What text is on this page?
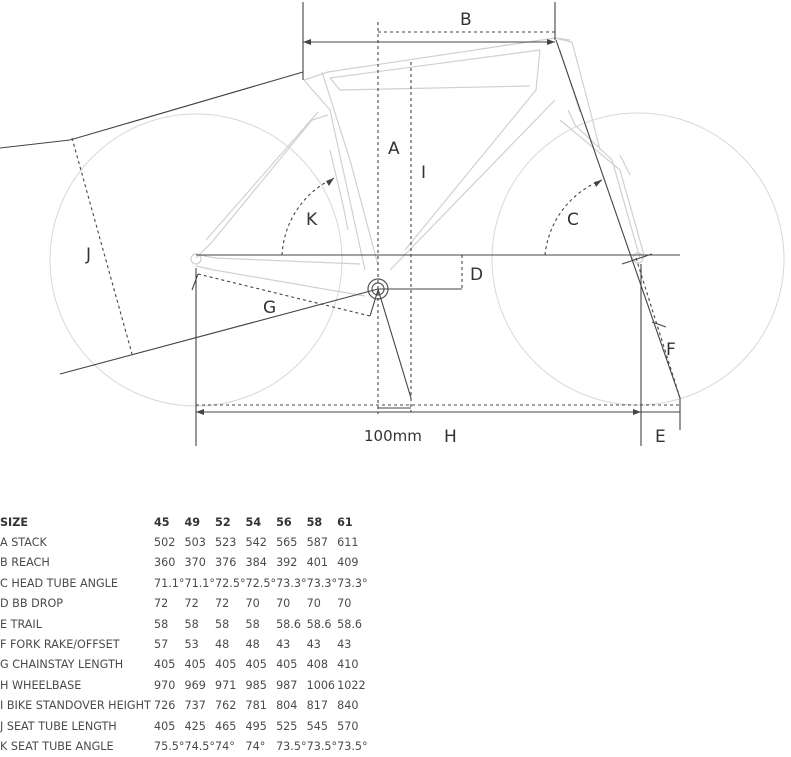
B
A
I
K	C
J
D
G
F
100mm H	E
SIZE	45	49	52	54	56	58	61
A STACK	502	503	523	542	565	587	611
B REACH	360	370	376	384	392	401	409
C HEAD TUBE ANGLE	71.1°	71.1°	72.5°	72.5°	73.3°	73.3°	73.3°
D BB DROP	72	72	72	70	70	70	70
E TRAIL	58	58	58	58	58.6	58.6	58.6
F FORK RAKE/OFFSET	57	53	48	48	43	43	43
G CHAINSTAY LENGTH	405	405	405	405	405	408	410
H WHEELBASE	970	969	971	985	987	1006	1022
I BIKE STANDOVER HEIGHT	726	737	762	781	804	817	840
J SEAT TUBE LENGTH	405	425	465	495	525	545	570
K SEAT TUBE ANGLE	75.5°	74.5°	74°	74°	73.5°	73.5°	73.5°
